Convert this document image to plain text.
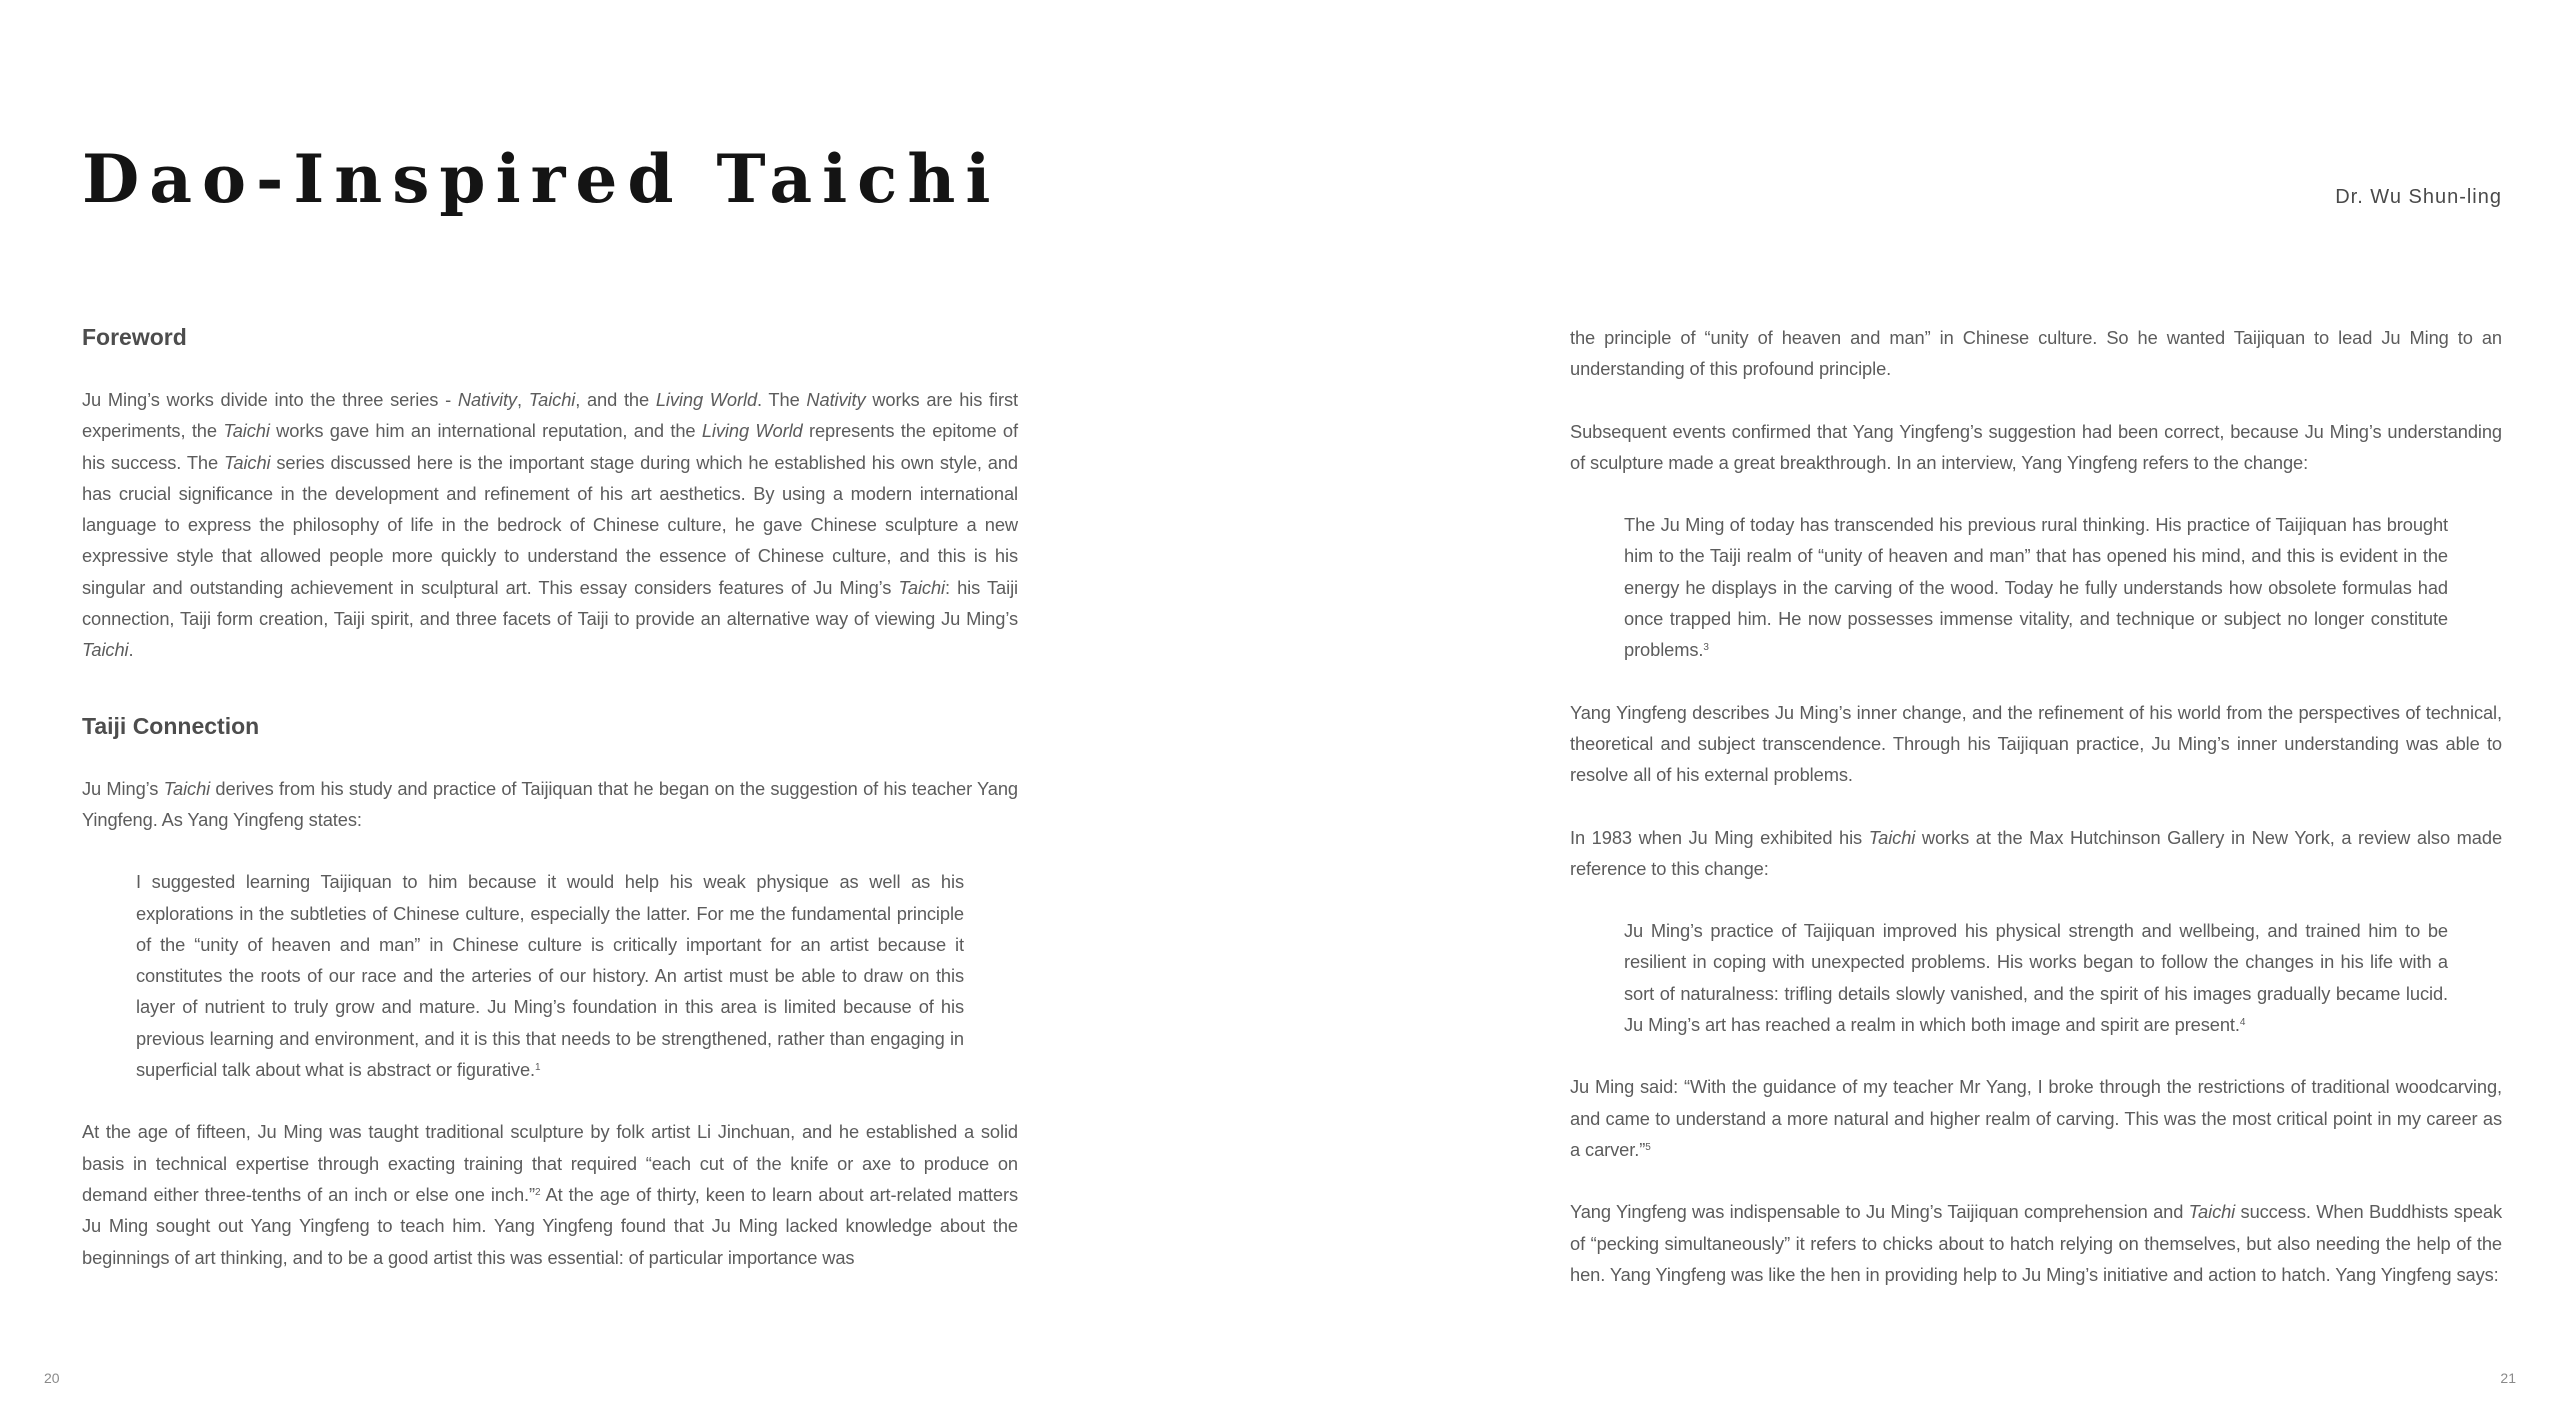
Dao-Inspired Taichi	Dr. Wu Shun-ling
Foreword

Ju Ming’s works divide into the three series - Nativity, Taichi, and the Living World. The Nativity works are his first experiments, the Taichi works gave him an international reputation, and the Living World represents the epitome of his success. The Taichi series discussed here is the important stage during which he established his own style, and has crucial significance in the development and refinement of his art aesthetics. By using a modern international language to express the philosophy of life in the bedrock of Chinese culture, he gave Chinese sculpture a new expressive style that allowed people more quickly to understand the essence of Chinese culture, and this is his singular and outstanding achievement in sculptural art. This essay considers features of Ju Ming’s Taichi: his Taiji connection, Taiji form creation, Taiji spirit, and three facets of Taiji to provide an alternative way of viewing Ju Ming’s Taichi.

Taiji Connection

Ju Ming’s Taichi derives from his study and practice of Taijiquan that he began on the suggestion of his teacher Yang Yingfeng. As Yang Yingfeng states:

I suggested learning Taijiquan to him because it would help his weak physique as well as his explorations in the subtleties of Chinese culture, especially the latter. For me the fundamental principle of the “unity of heaven and man” in Chinese culture is critically important for an artist because it constitutes the roots of our race and the arteries of our history. An artist must be able to draw on this layer of nutrient to truly grow and mature. Ju Ming’s foundation in this area is limited because of his previous learning and environment, and it is this that needs to be strengthened, rather than engaging in superficial talk about what is abstract or figurative.$^1$

At the age of fifteen, Ju Ming was taught traditional sculpture by folk artist Li Jinchuan, and he established a solid basis in technical expertise through exacting training that required “each cut of the knife or axe to produce on demand either three-tenths of an inch or else one inch.”$^2$ At the age of thirty, keen to learn about art-related matters Ju Ming sought out Yang Yingfeng to teach him. Yang Yingfeng found that Ju Ming lacked knowledge about the beginnings of art thinking, and to be a good artist this was essential: of particular importance was

the principle of “unity of heaven and man” in Chinese culture. So he wanted Taijiquan to lead Ju Ming to an understanding of this profound principle.

Subsequent events confirmed that Yang Yingfeng’s suggestion had been correct, because Ju Ming’s understanding of sculpture made a great breakthrough. In an interview, Yang Yingfeng refers to the change:

The Ju Ming of today has transcended his previous rural thinking. His practice of Taijiquan has brought him to the Taiji realm of “unity of heaven and man” that has opened his mind, and this is evident in the energy he displays in the carving of the wood. Today he fully understands how obsolete formulas had once trapped him. He now possesses immense vitality, and technique or subject no longer constitute problems.$^3$

Yang Yingfeng describes Ju Ming’s inner change, and the refinement of his world from the perspectives of technical, theoretical and subject transcendence. Through his Taijiquan practice, Ju Ming’s inner understanding was able to resolve all of his external problems.

In 1983 when Ju Ming exhibited his Taichi works at the Max Hutchinson Gallery in New York, a review also made reference to this change:

Ju Ming’s practice of Taijiquan improved his physical strength and wellbeing, and trained him to be resilient in coping with unexpected problems. His works began to follow the changes in his life with a sort of naturalness: trifling details slowly vanished, and the spirit of his images gradually became lucid. Ju Ming’s art has reached a realm in which both image and spirit are present.$^4$

Ju Ming said: “With the guidance of my teacher Mr Yang, I broke through the restrictions of traditional woodcarving, and came to understand a more natural and higher realm of carving. This was the most critical point in my career as a carver.”$^5$

Yang Yingfeng was indispensable to Ju Ming’s Taijiquan comprehension and Taichi success. When Buddhists speak of “pecking simultaneously” it refers to chicks about to hatch relying on themselves, but also needing the help of the hen. Yang Yingfeng was like the hen in providing help to Ju Ming’s initiative and action to hatch. Yang Yingfeng says:

20	21
